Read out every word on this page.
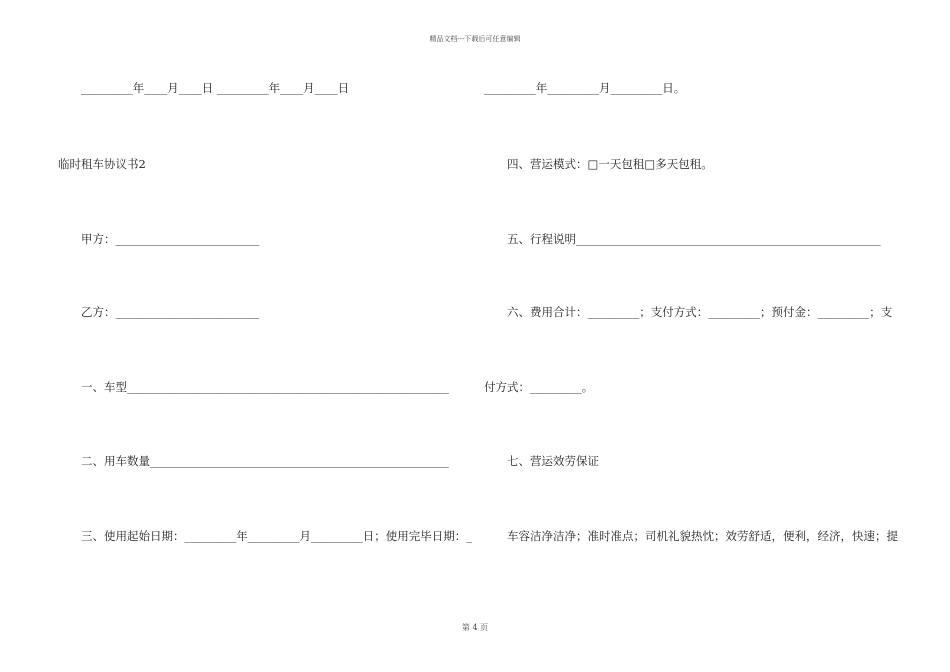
精品文档---下载后可任意编辑
_________年____月____日 _________年____月____日
临时租车协议书2
甲方：_________________________
乙方：_________________________
一、车型________________________________________________________
二、用车数量____________________________________________________
三、使用起始日期：_________年_________月_________日；使用完毕日期：_
_________年_________月_________日。
四、营运模式：□一天包租□多天包租。
五、行程说明_____________________________________________________
六、费用合计：_________；支付方式：_________；预付金：_________；支
付方式：_________。
七、营运效劳保证
车容洁净洁净；准时准点；司机礼貌热忱；效劳舒适，便利，经济，快速；提
第 4 页
